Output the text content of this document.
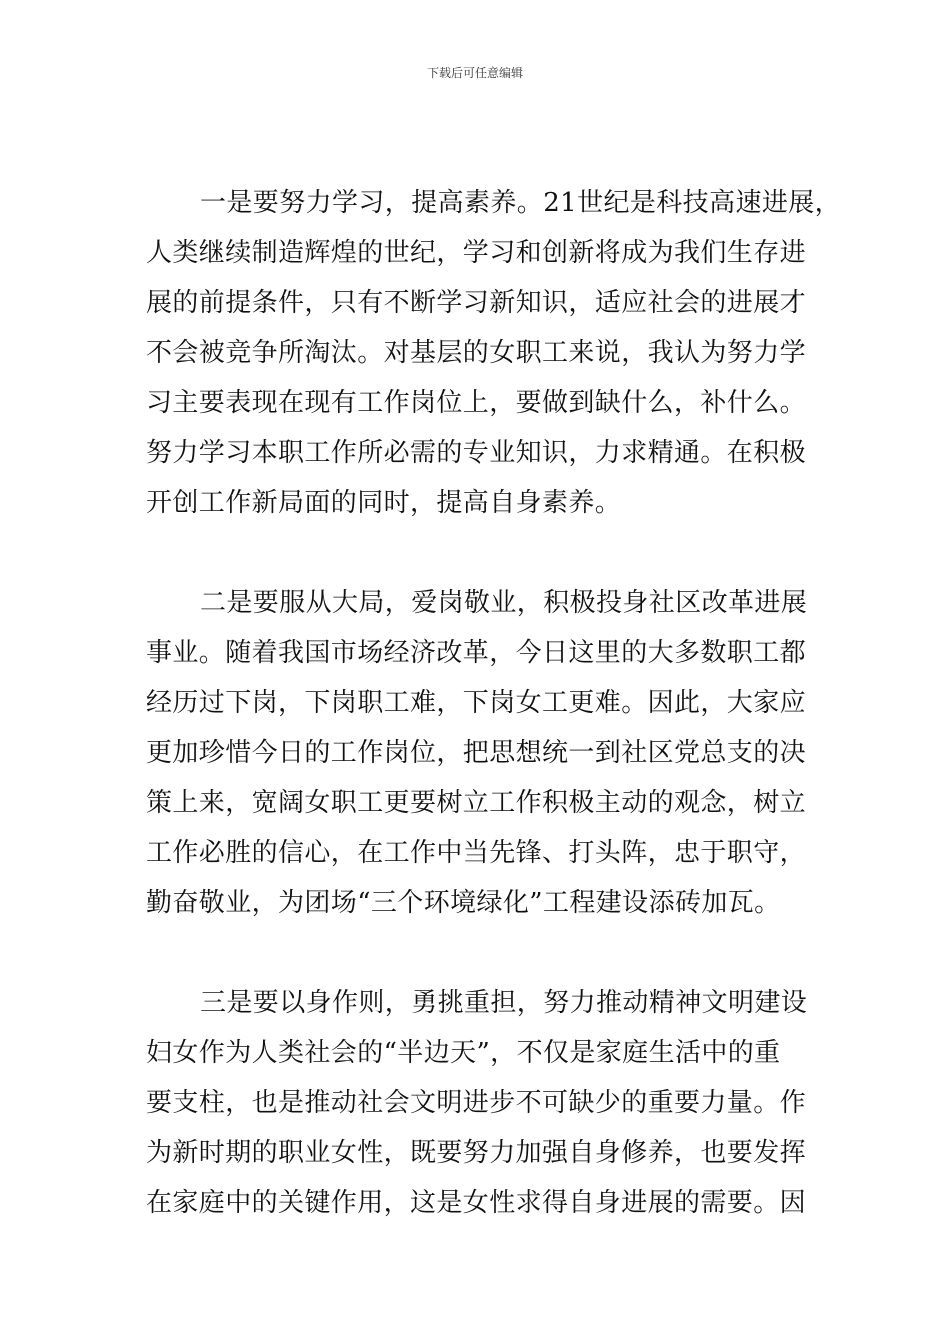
下载后可任意编辑
一是要努力学习，提高素养。21世纪是科技高速进展，
人类继续制造辉煌的世纪，学习和创新将成为我们生存进
展的前提条件，只有不断学习新知识，适应社会的进展才
不会被竞争所淘汰。对基层的女职工来说，我认为努力学
习主要表现在现有工作岗位上，要做到缺什么，补什么。
努力学习本职工作所必需的专业知识，力求精通。在积极
开创工作新局面的同时，提高自身素养。
二是要服从大局，爱岗敬业，积极投身社区改革进展
事业。随着我国市场经济改革，今日这里的大多数职工都
经历过下岗，下岗职工难，下岗女工更难。因此，大家应
更加珍惜今日的工作岗位，把思想统一到社区党总支的决
策上来，宽阔女职工更要树立工作积极主动的观念，树立
工作必胜的信心，在工作中当先锋、打头阵，忠于职守，
勤奋敬业，为团场“三个环境绿化”工程建设添砖加瓦。
三是要以身作则，勇挑重担，努力推动精神文明建设
妇女作为人类社会的“半边天”，不仅是家庭生活中的重
要支柱，也是推动社会文明进步不可缺少的重要力量。作
为新时期的职业女性，既要努力加强自身修养，也要发挥
在家庭中的关键作用，这是女性求得自身进展的需要。因
